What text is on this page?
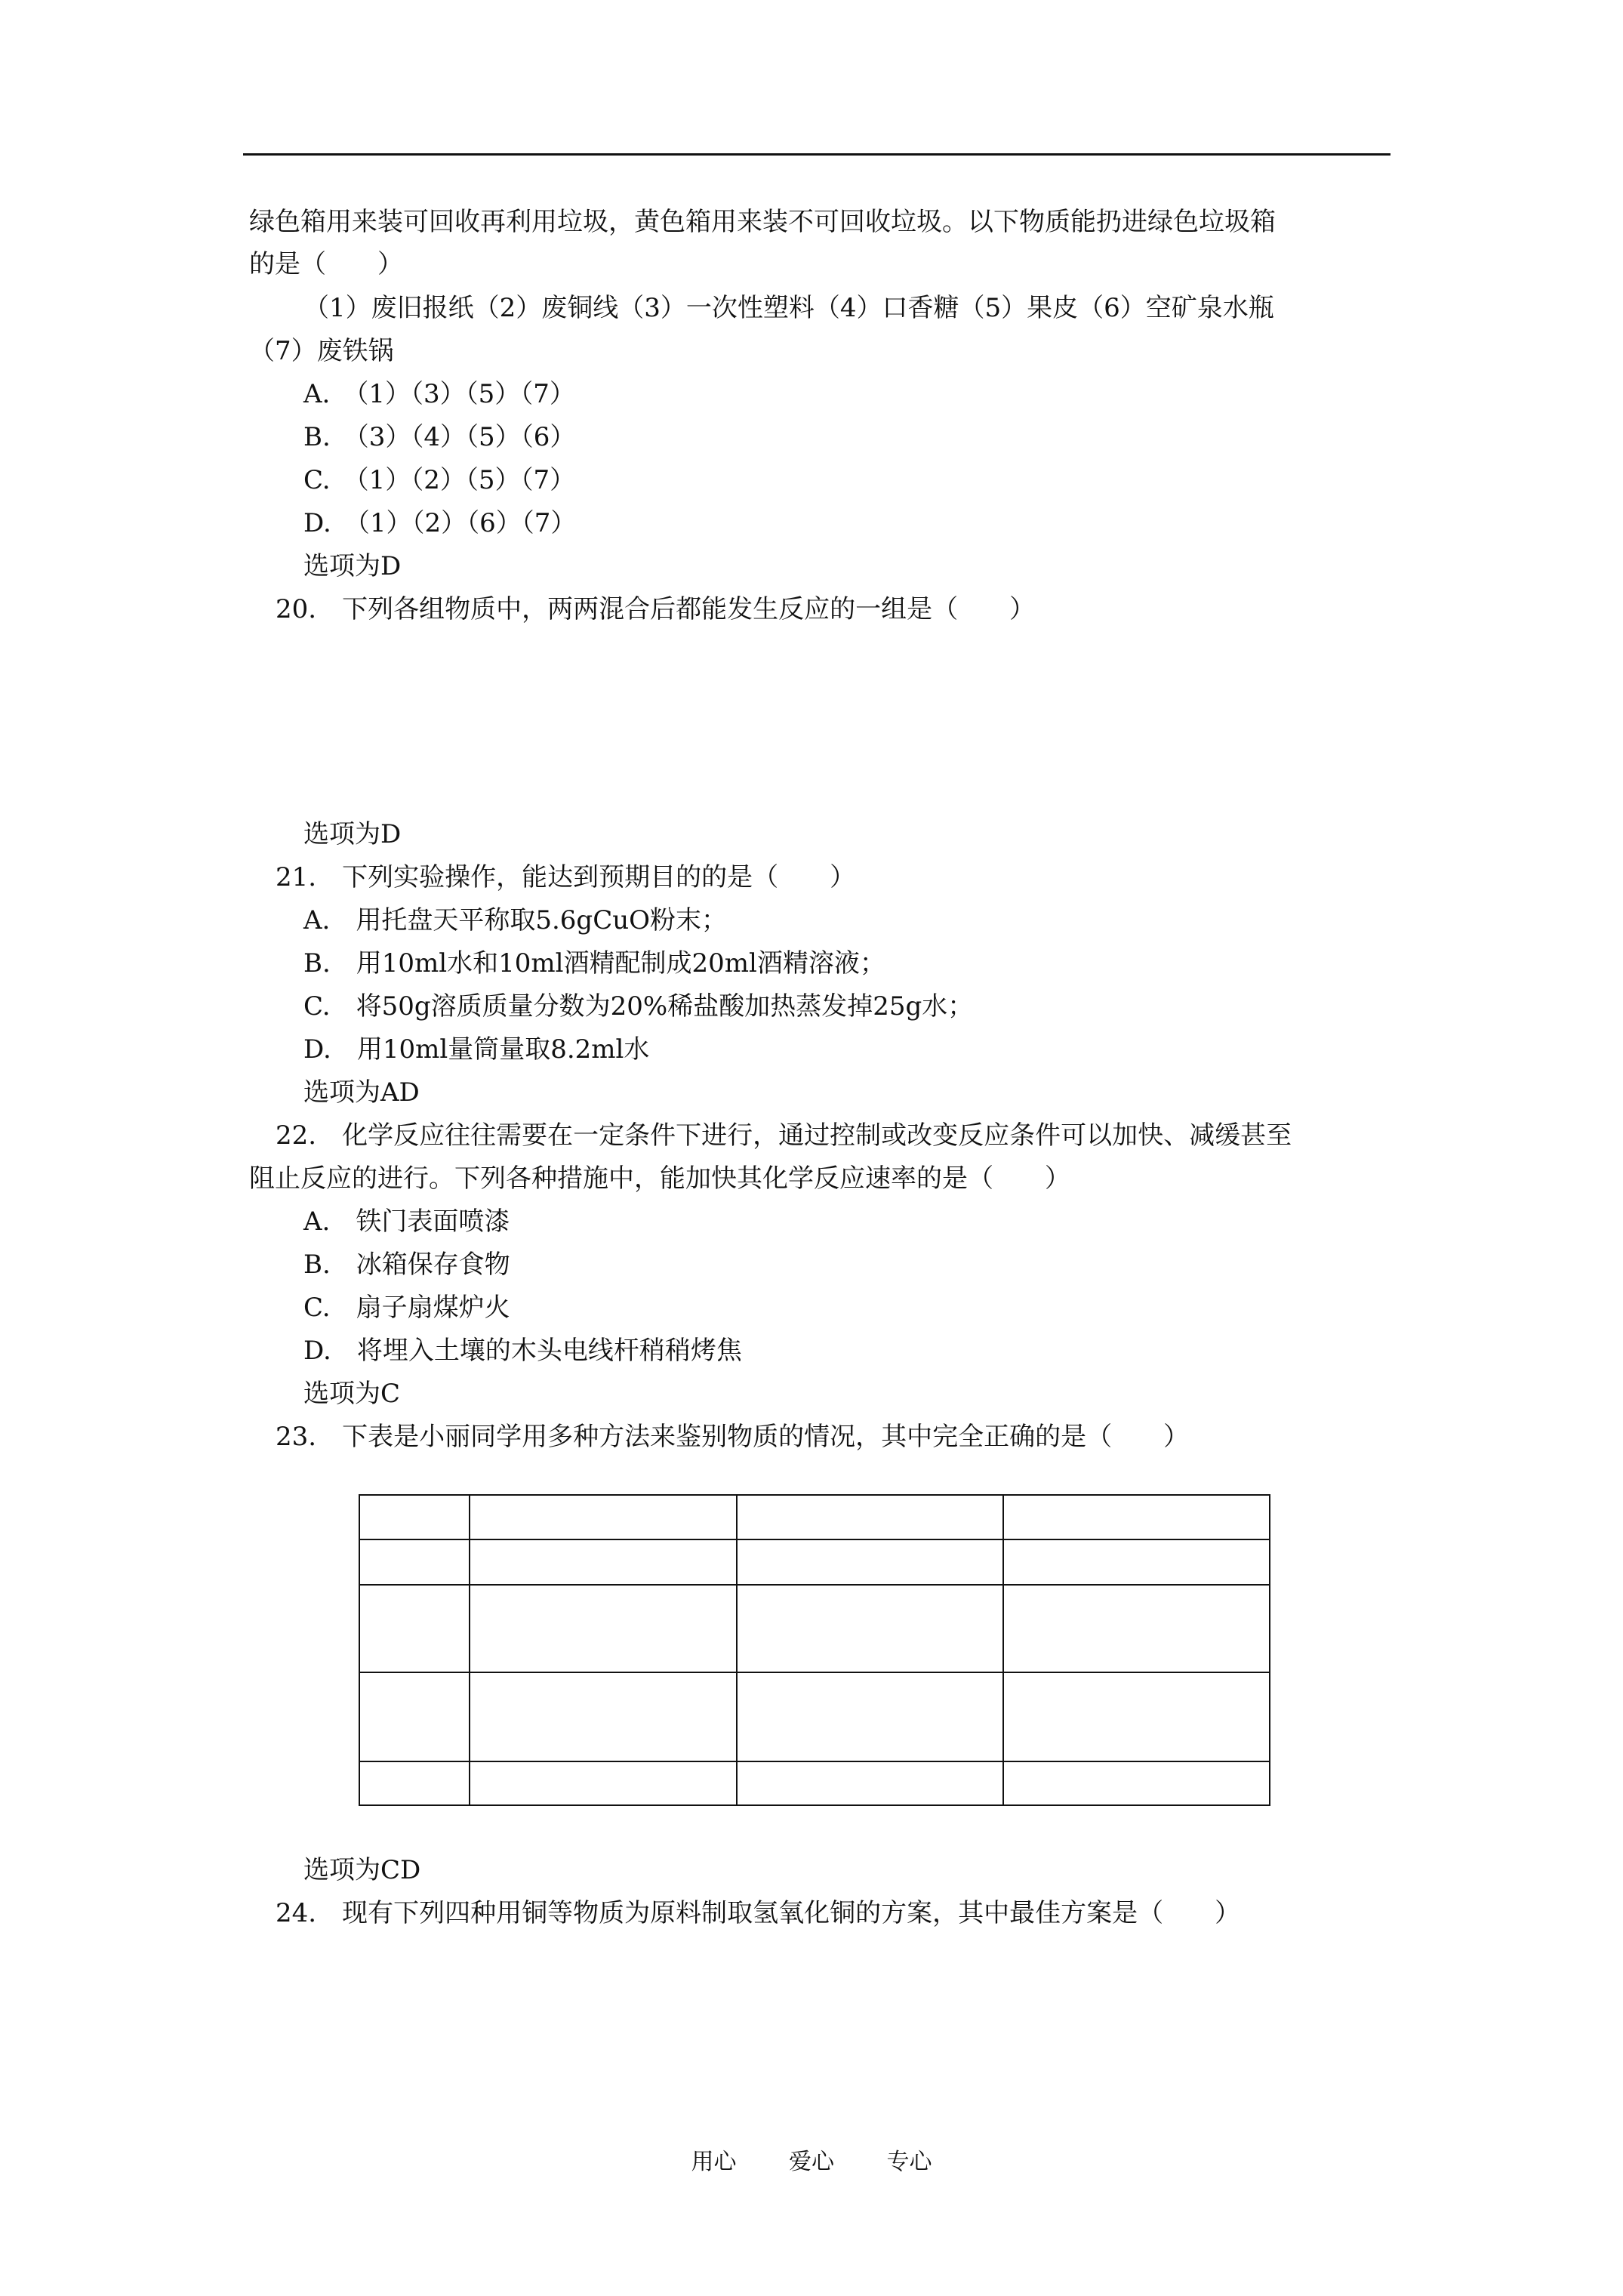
绿色箱用来装可回收再利用垃圾，黄色箱用来装不可回收垃圾。以下物质能扔进绿色垃圾箱
的是（　　）
（1）废旧报纸（2）废铜线（3）一次性塑料（4）口香糖（5）果皮（6）空矿泉水瓶
（7）废铁锅
A.　（1）（3）（5）（7）
B.　（3）（4）（5）（6）
C.　（1）（2）（5）（7）
D.　（1）（2）（6）（7）
选项为D
20.　下列各组物质中，两两混合后都能发生反应的一组是（　　）
选项为D
21.　下列实验操作，能达到预期目的的是（　　）
A.　用托盘天平称取5.6gCuO粉末；
B.　用10ml水和10ml酒精配制成20ml酒精溶液；
C.　将50g溶质质量分数为20%稀盐酸加热蒸发掉25g水；
D.　用10ml量筒量取8.2ml水
选项为AD
22.　化学反应往往需要在一定条件下进行，通过控制或改变反应条件可以加快、减缓甚至
阻止反应的进行。下列各种措施中，能加快其化学反应速率的是（　　）
A.　铁门表面喷漆
B.　冰箱保存食物
C.　扇子扇煤炉火
D.　将埋入土壤的木头电线杆稍稍烤焦
选项为C
23.　下表是小丽同学用多种方法来鉴别物质的情况，其中完全正确的是（　　）

选项为CD
24.　现有下列四种用铜等物质为原料制取氢氧化铜的方案，其中最佳方案是（　　）
用心 爱心 专心
